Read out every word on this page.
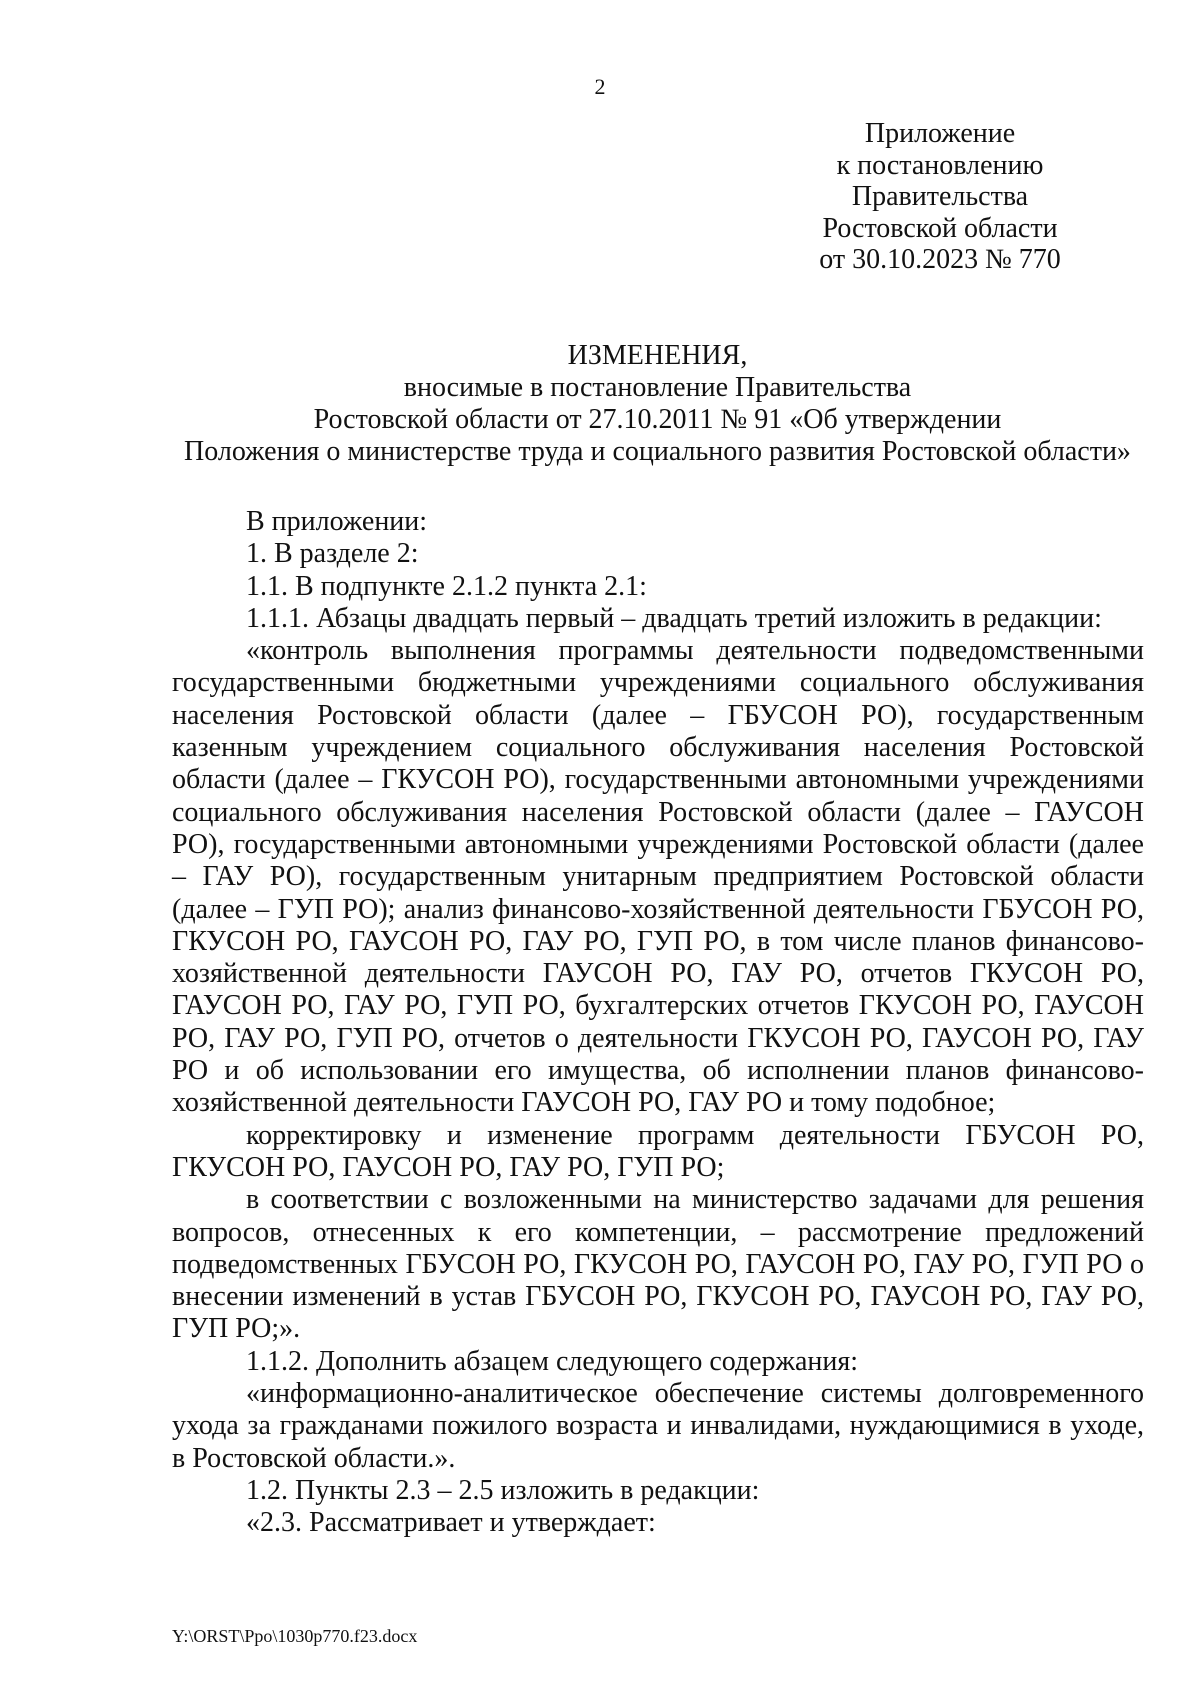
2
Приложение
к постановлению
Правительства
Ростовской области
от 30.10.2023 № 770
ИЗМЕНЕНИЯ,
вносимые в постановление Правительства
Ростовской области от 27.10.2011 № 91 «Об утверждении
Положения о министерстве труда и социального развития Ростовской области»

В приложении:

1. В разделе 2:

1.1. В подпункте 2.1.2 пункта 2.1:

1.1.1. Абзацы двадцать первый – двадцать третий изложить в редакции:

«контроль выполнения программы деятельности подведомственными государственными бюджетными учреждениями социального обслуживания населения Ростовской области (далее – ГБУСОН РО), государственным казенным учреждением социального обслуживания населения Ростовской области (далее – ГКУСОН РО), государственными автономными учреждениями социального обслуживания населения Ростовской области (далее – ГАУСОН РО), государственными автономными учреждениями Ростовской области (далее – ГАУ РО), государственным унитарным предприятием Ростовской области (далее – ГУП РО); анализ финансово-хозяйственной деятельности ГБУСОН РО, ГКУСОН РО, ГАУСОН РО, ГАУ РО, ГУП РО, в том числе планов финансово-хозяйственной деятельности ГАУСОН РО, ГАУ РО, отчетов ГКУСОН РО, ГАУСОН РО, ГАУ РО, ГУП РО, бухгалтерских отчетов ГКУСОН РО, ГАУСОН РО, ГАУ РО, ГУП РО, отчетов о деятельности ГКУСОН РО, ГАУСОН РО, ГАУ РО и об использовании его имущества, об исполнении планов финансово-хозяйственной деятельности ГАУСОН РО, ГАУ РО и тому подобное;

корректировку и изменение программ деятельности ГБУСОН РО, ГКУСОН РО, ГАУСОН РО, ГАУ РО, ГУП РО;

в соответствии с возложенными на министерство задачами для решения вопросов, отнесенных к его компетенции, – рассмотрение предложений подведомственных ГБУСОН РО, ГКУСОН РО, ГАУСОН РО, ГАУ РО, ГУП РО о внесении изменений в устав ГБУСОН РО, ГКУСОН РО, ГАУСОН РО, ГАУ РО, ГУП РО;».

1.1.2. Дополнить абзацем следующего содержания:

«информационно-аналитическое обеспечение системы долговременного ухода за гражданами пожилого возраста и инвалидами, нуждающимися в уходе, в Ростовской области.».

1.2. Пункты 2.3 – 2.5 изложить в редакции:

«2.3. Рассматривает и утверждает:

Y:\ORST\Ppo\1030p770.f23.docx
